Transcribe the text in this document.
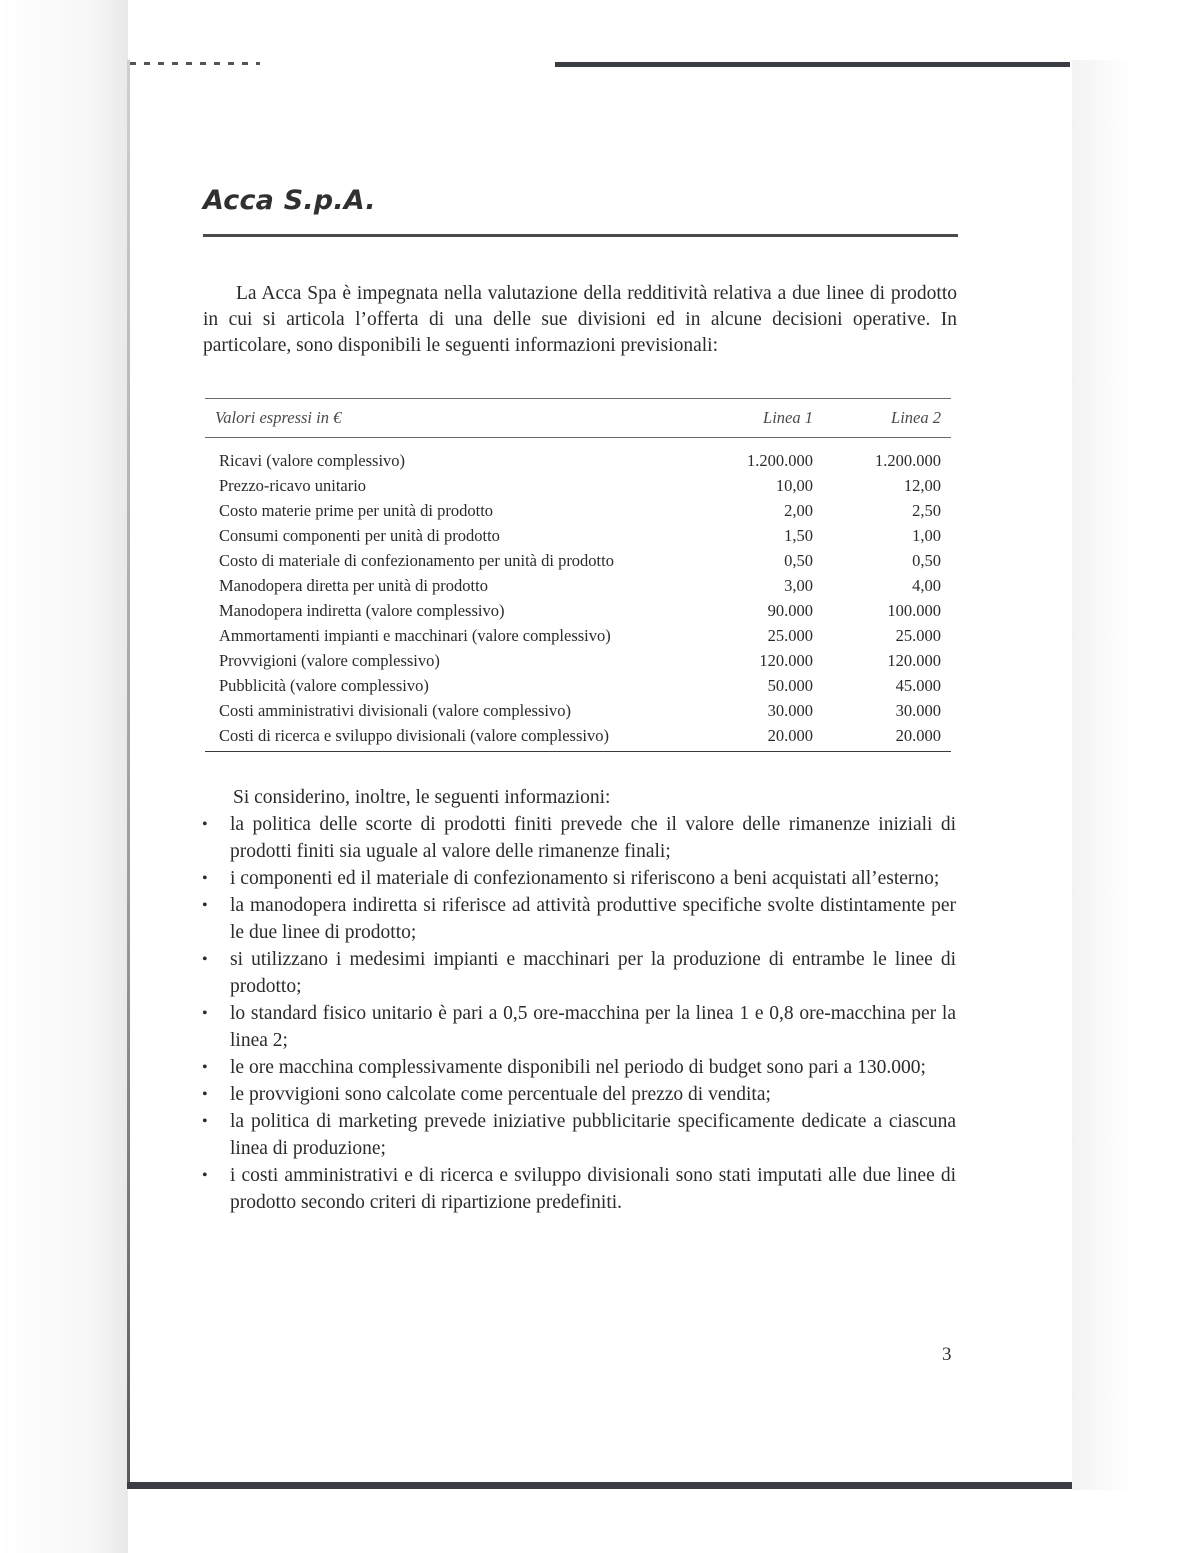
Acca S.p.A.

La Acca Spa è impegnata nella valutazione della redditività relativa a due linee di prodotto in cui si articola l’offerta di una delle sue divisioni ed in alcune decisioni operative. In particolare, sono disponibili le seguenti informazioni previsionali:

Valori espressi in €	Linea 1	Linea 2
Ricavi (valore complessivo)	1.200.000	1.200.000
Prezzo-ricavo unitario	10,00	12,00
Costo materie prime per unità di prodotto	2,00	2,50
Consumi componenti per unità di prodotto	1,50	1,00
Costo di materiale di confezionamento per unità di prodotto	0,50	0,50
Manodopera diretta per unità di prodotto	3,00	4,00
Manodopera indiretta (valore complessivo)	90.000	100.000
Ammortamenti impianti e macchinari (valore complessivo)	25.000	25.000
Provvigioni (valore complessivo)	120.000	120.000
Pubblicità (valore complessivo)	50.000	45.000
Costi amministrativi divisionali (valore complessivo)	30.000	30.000
Costi di ricerca e sviluppo divisionali (valore complessivo)	20.000	20.000

Si considerino, inoltre, le seguenti informazioni:

• la politica delle scorte di prodotti finiti prevede che il valore delle rimanenze iniziali di prodotti finiti sia uguale al valore delle rimanenze finali;
• i componenti ed il materiale di confezionamento si riferiscono a beni acquistati all’esterno;
• la manodopera indiretta si riferisce ad attività produttive specifiche svolte distintamente per le due linee di prodotto;
• si utilizzano i medesimi impianti e macchinari per la produzione di entrambe le linee di prodotto;
• lo standard fisico unitario è pari a 0,5 ore-macchina per la linea 1 e 0,8 ore-macchina per la linea 2;
• le ore macchina complessivamente disponibili nel periodo di budget sono pari a 130.000;
• le provvigioni sono calcolate come percentuale del prezzo di vendita;
• la politica di marketing prevede iniziative pubblicitarie specificamente dedicate a ciascuna linea di produzione;
• i costi amministrativi e di ricerca e sviluppo divisionali sono stati imputati alle due linee di prodotto secondo criteri di ripartizione predefiniti.
3
